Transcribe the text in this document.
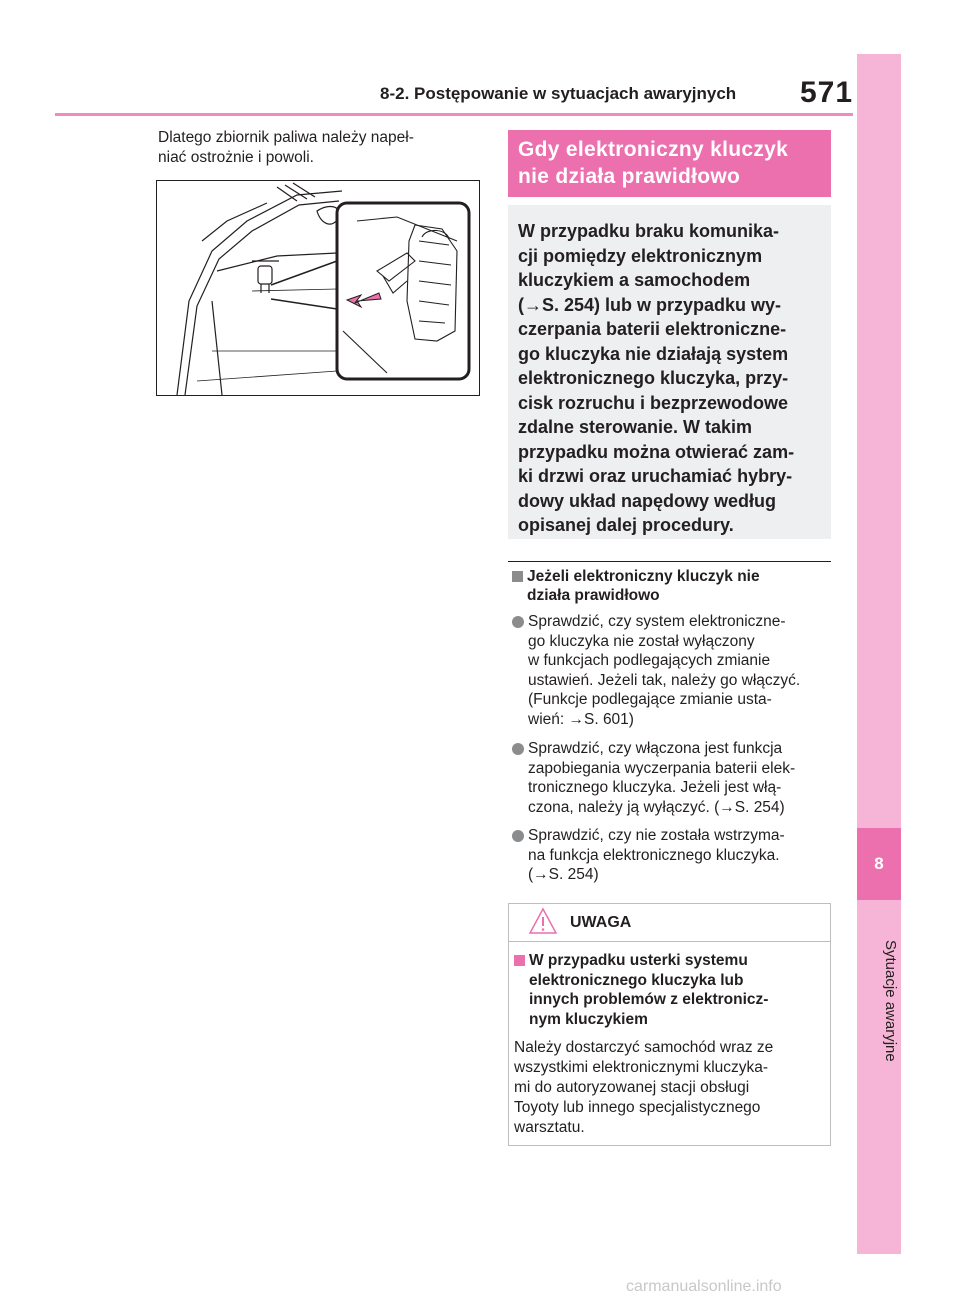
8-2. Postępowanie w sytuacjach awaryjnych 571
8
Sytuacje awaryjne
Dlatego zbiornik paliwa należy napeł-
niać ostrożnie i powoli.	Gdy elektroniczny kluczyk
nie działa prawidłowo
W przypadku braku komunika-
cji pomiędzy elektronicznym
kluczykiem a samochodem
(→S. 254) lub w przypadku wy-
czerpania baterii elektroniczne-
go kluczyka nie działają system
elektronicznego kluczyka, przy-
cisk rozruchu i bezprzewodowe
zdalne sterowanie. W takim
przypadku można otwierać zam-
ki drzwi oraz uruchamiać hybry-
dowy układ napędowy według
opisanej dalej procedury.
Jeżeli elektroniczny kluczyk nie
działa prawidłowo
Sprawdzić, czy system elektroniczne-
go kluczyka nie został wyłączony
w funkcjach podlegających zmianie
ustawień. Jeżeli tak, należy go włączyć.
(Funkcje podlegające zmianie usta-
wień: →S. 601)
Sprawdzić, czy włączona jest funkcja
zapobiegania wyczerpania baterii elek-
tronicznego kluczyka. Jeżeli jest włą-
czona, należy ją wyłączyć. (→S. 254)
Sprawdzić, czy nie została wstrzyma-
na funkcja elektronicznego kluczyka.
(→S. 254)
UWAGA
W przypadku usterki systemu
elektronicznego kluczyka lub
innych problemów z elektronicz-
nym kluczykiem
Należy dostarczyć samochód wraz ze
wszystkimi elektronicznymi kluczyka-
mi do autoryzowanej stacji obsługi
Toyoty lub innego specjalistycznego
warsztatu.
carmanualsonline.info
